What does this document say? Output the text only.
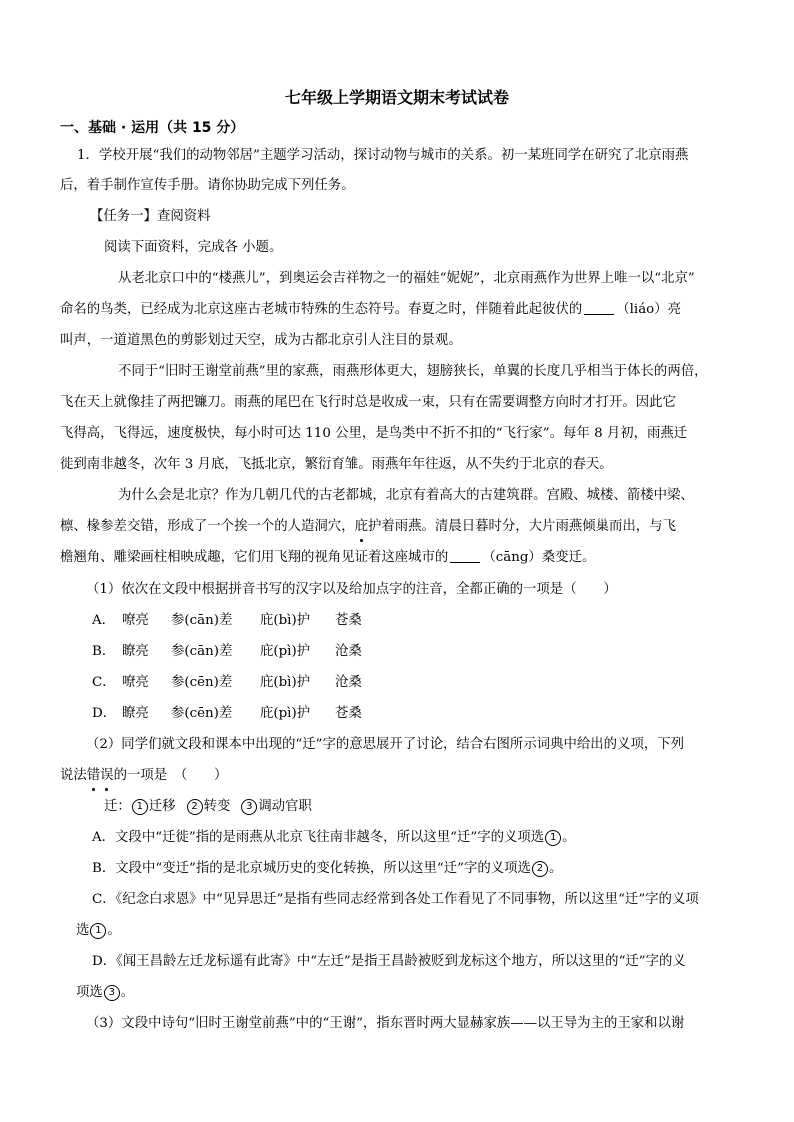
七年级上学期语文期末考试试卷
一、基础 · 运用（共 15 分）
1．学校开展“我们的动物邻居”主题学习活动，探讨动物与城市的关系。初一某班同学在研究了北京雨燕
后，着手制作宣传手册。请你协助完成下列任务。
【任务一】查阅资料
阅读下面资料，完成各 小题。
从老北京口中的“楼燕儿”，到奥运会吉祥物之一的福娃“妮妮”，北京雨燕作为世界上唯一以“北京”
命名的鸟类，已经成为北京这座古老城市特殊的生态符号。春夏之时，伴随着此起彼伏的	（liáo）亮
叫声，一道道黑色的剪影划过天空，成为古都北京引人注目的景观。
不同于“旧时王谢堂前燕”里的家燕，雨燕形体更大，翅膀狭长，单翼的长度几乎相当于体长的两倍，
飞在天上就像挂了两把镰刀。雨燕的尾巴在飞行时总是收成一束，只有在需要调整方向时才打开。因此它
飞得高，飞得远，速度极快，每小时可达 110 公里，是鸟类中不折不扣的“飞行家”。每年 8 月初，雨燕迁
徙到南非越冬，次年 3 月底，飞抵北京，繁衍育雏。雨燕年年往返，从不失约于北京的春天。
为什么会是北京？作为几朝几代的古老都城，北京有着高大的古建筑群。宫殿、城楼、箭楼中梁、
檩、椽参差交错，形成了一个挨一个的人造洞穴，庇护着雨燕。清晨日暮时分，大片雨燕倾巢而出，与飞
檐翘角、雕梁画柱相映成趣，它们用飞翔的视角见证着这座城市的	（cāng）桑变迁。
（1）依次在文段中根据拼音书写的汉字以及给加点字的注音，全都正确的一项是（　　）
A． 嘹亮 参(cān)差 庇(bì)护 苍桑
B． 瞭亮 参(cān)差 庇(pì)护 沧桑
C． 嘹亮 参(cēn)差 庇(bì)护 沧桑
D． 瞭亮 参(cēn)差 庇(pì)护 苍桑
（2）同学们就文段和课本中出现的“迁”字的意思展开了讨论，结合右图所示词典中给出的义项，下列
说法错误的一项是　（　　）
迁： 1 迁移 2 转变 3 调动官职
A．文段中“迁徙”指的是雨燕从北京飞往南非越冬，所以这里“迁”字的义项选 1 。
B．文段中“变迁”指的是北京城历史的变化转换，所以这里“迁”字的义项选 2 。
C．《纪念白求恩》中“见异思迁”是指有些同志经常到各处工作看见了不同事物，所以这里“迁”字的义项
选 1 。
D．《闻王昌龄左迁龙标遥有此寄》中“左迁”是指王昌龄被贬到龙标这个地方，所以这里的“迁”字的义
项选 3 。
（3）文段中诗句“旧时王谢堂前燕”中的“王谢”，指东晋时两大显赫家族——以王导为主的王家和以谢
